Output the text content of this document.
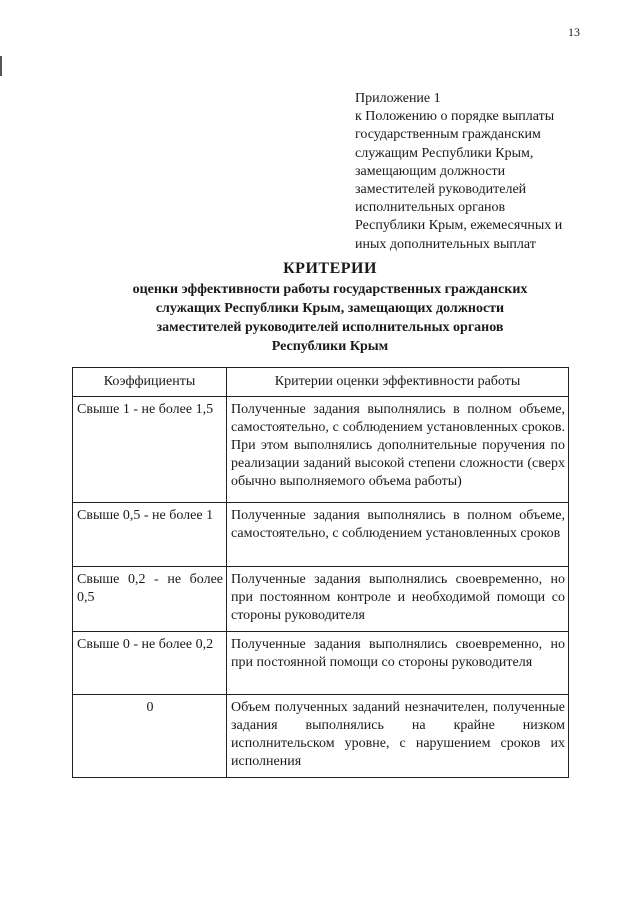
13
Приложение 1
к Положению о порядке выплаты
государственным гражданским
служащим Республики Крым,
замещающим должности
заместителей руководителей
исполнительных органов
Республики Крым, ежемесячных и
иных дополнительных выплат
КРИТЕРИИ
оценки эффективности работы государственных гражданских
служащих Республики Крым, замещающих должности
заместителей руководителей исполнительных органов
Республики Крым
Коэффициенты	Критерии оценки эффективности работы
Свыше 1 - не более 1,5	Полученные задания выполнялись в полном объеме, самостоятельно, с соблюдением установленных сроков. При этом выполнялись дополнительные поручения по реализации заданий высокой степени сложности (сверх обычно выполняемого объема работы)
Свыше 0,5 - не более 1	Полученные задания выполнялись в полном объеме, самостоятельно, с соблюдением установленных сроков
Свыше 0,2 - не более 0,5	Полученные задания выполнялись своевременно, но при постоянном контроле и необходимой помощи со стороны руководителя
Свыше 0 - не более 0,2	Полученные задания выполнялись своевременно, но при постоянной помощи со стороны руководителя
0	Объем полученных заданий незначителен, полученные задания выполнялись на крайне низком исполнительском уровне, с нарушением сроков их исполнения
